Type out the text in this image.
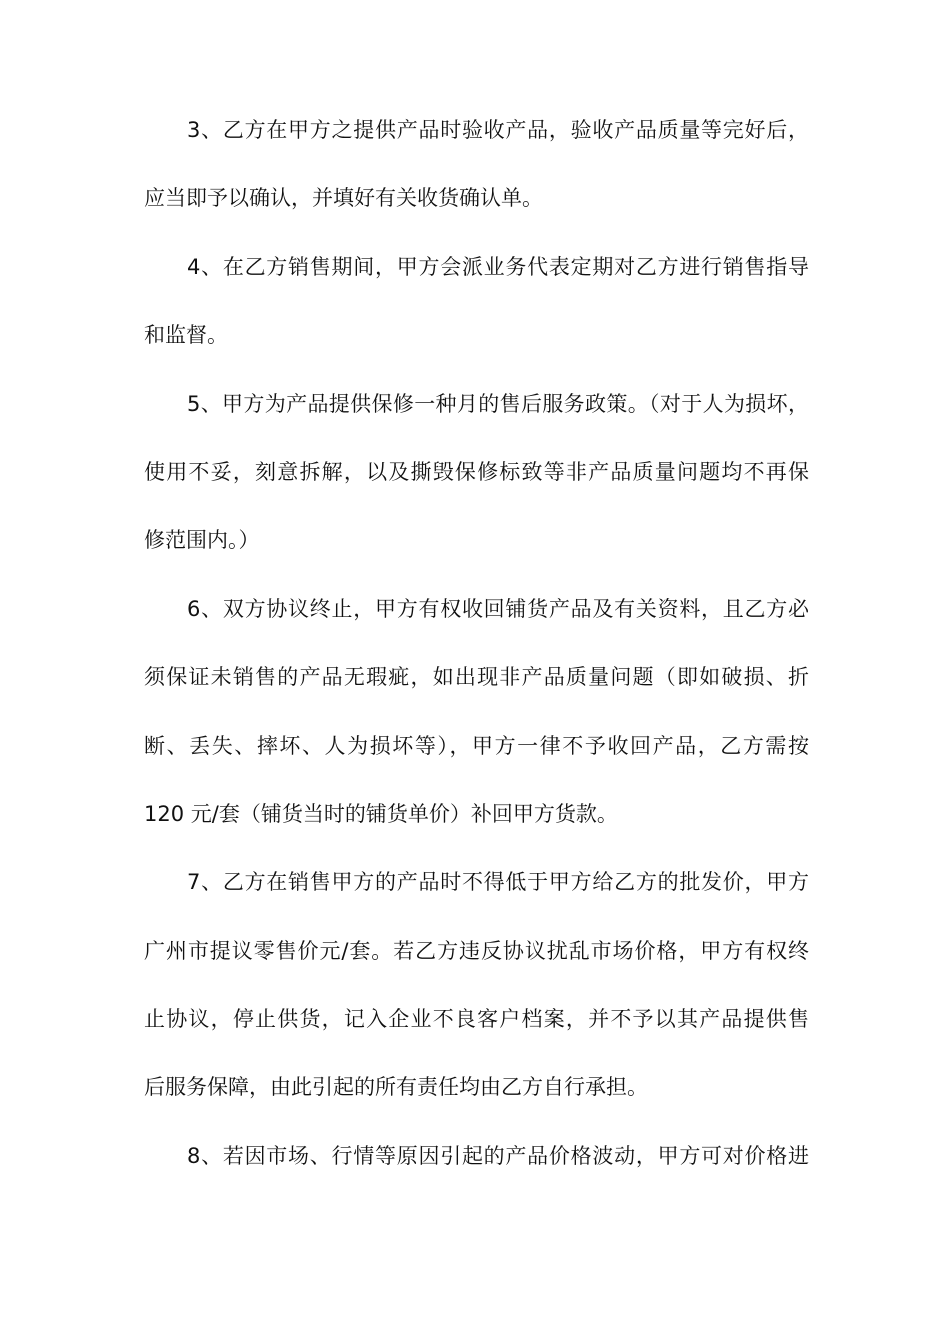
3、乙方在甲方之提供产品时验收产品，验收产品质量等完好后，
应当即予以确认，并填好有关收货确认单。
4、在乙方销售期间，甲方会派业务代表定期对乙方进行销售指导
和监督。
5、甲方为产品提供保修一种月的售后服务政策。（对于人为损坏，
使用不妥，刻意拆解，以及撕毁保修标致等非产品质量问题均不再保
修范围内。）
6、双方协议终止，甲方有权收回铺货产品及有关资料，且乙方必
须保证未销售的产品无瑕疵，如出现非产品质量问题（即如破损、折
断、丢失、摔坏、人为损坏等），甲方一律不予收回产品，乙方需按
120 元/套（铺货当时的铺货单价）补回甲方货款。
7、乙方在销售甲方的产品时不得低于甲方给乙方的批发价，甲方
广州市提议零售价元/套。若乙方违反协议扰乱市场价格，甲方有权终
止协议，停止供货，记入企业不良客户档案，并不予以其产品提供售
后服务保障，由此引起的所有责任均由乙方自行承担。
8、若因市场、行情等原因引起的产品价格波动，甲方可对价格进
